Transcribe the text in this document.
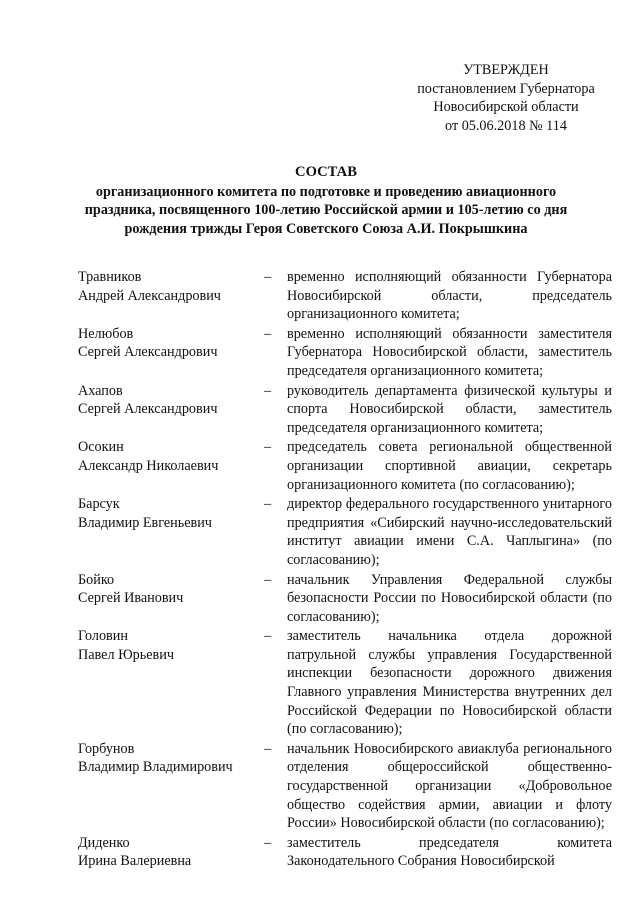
УТВЕРЖДЕН
постановлением Губернатора
Новосибирской области
от 05.06.2018 № 114
СОСТАВ
организационного комитета по подготовке и проведению авиационного
праздника, посвященного 100-летию Российской армии и 105-летию со дня
рождения трижды Героя Советского Союза А.И. Покрышкина
Травников
Андрей Александрович
–	временно исполняющий обязанности Губернатора Новосибирской области, председатель организационного комитета;
Нелюбов
Сергей Александрович
–	временно исполняющий обязанности заместителя Губернатора Новосибирской области, заместитель председателя организационного комитета;
Ахапов
Сергей Александрович
–	руководитель департамента физической культуры и спорта Новосибирской области, заместитель председателя организационного комитета;
Осокин
Александр Николаевич
–	председатель совета региональной общественной организации спортивной авиации, секретарь организационного комитета (по согласованию);
Барсук
Владимир Евгеньевич
–	директор федерального государственного унитарного предприятия «Сибирский научно-исследовательский институт авиации имени С.А. Чаплыгина» (по согласованию);
Бойко
Сергей Иванович
–	начальник Управления Федеральной службы безопасности России по Новосибирской области (по согласованию);
Головин
Павел Юрьевич
–	заместитель начальника отдела дорожной патрульной службы управления Государственной инспекции безопасности дорожного движения Главного управления Министерства внутренних дел Российской Федерации по Новосибирской области (по согласованию);
Горбунов
Владимир Владимирович
–	начальник Новосибирского авиаклуба регионального отделения общероссийской общественно-государственной организации «Добровольное общество содействия армии, авиации и флоту России» Новосибирской области (по согласованию);
Диденко
Ирина Валериевна
–	заместитель председателя комитета Законодательного Собрания Новосибирской
